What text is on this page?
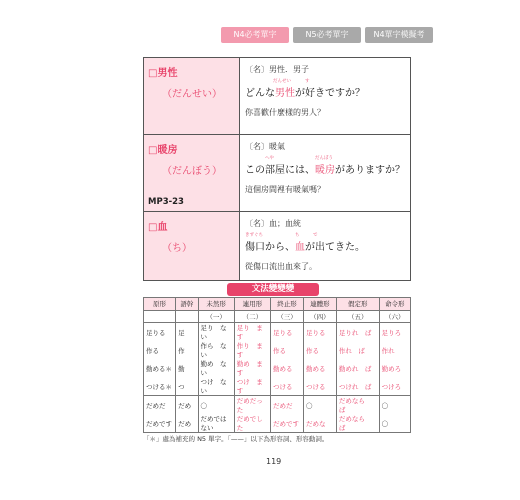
N4必考單字	N5必考單字	N4單字模擬考題
□男性
（だんせい）
〔名〕男性．男子
だんせい	す
どんな男性が好きですか？
你喜歡什麼樣的男人？
□暖房
（だんぼう）
MP3-23
〔名〕暖氣
へや	だんぼう
この部屋には、暖房がありますか？
這個房間裡有暖氣嗎？
□血
（ち）
〔名〕血；血統
きずぐち	ち	で
傷口から、血が出てきた。
從傷口流出血來了。
文法變變變
原形	語幹	未然形	連用形	終止形	連體形	假定形	命令形
		（一）	（二）	（三）	（四）	（五）	（六）
足りる	足	足り　ない	足り　ます	足りる	足りる	足りれ　ば	足りろ
作る	作	作ら　ない	作り　ます	作る	作る	作れ　ば	作れ
勤める＊	勤	勤め　ない	勤め　ます	勤める	勤める	勤めれ　ば	勤めろ
つける＊	つ	つけ　ない	つけ　ます	つける	つける	つけれ　ば	つけろ
だめだ	だめ	〇	だめだった	だめだ	〇	だめなら　ば	〇
だめです	だめ	だめでは　ない	だめでした	だめです	だめな	だめなら　ば	〇
「＊」處為補充的 N5 單字。「——」以下為形容詞、形容動詞。
119
